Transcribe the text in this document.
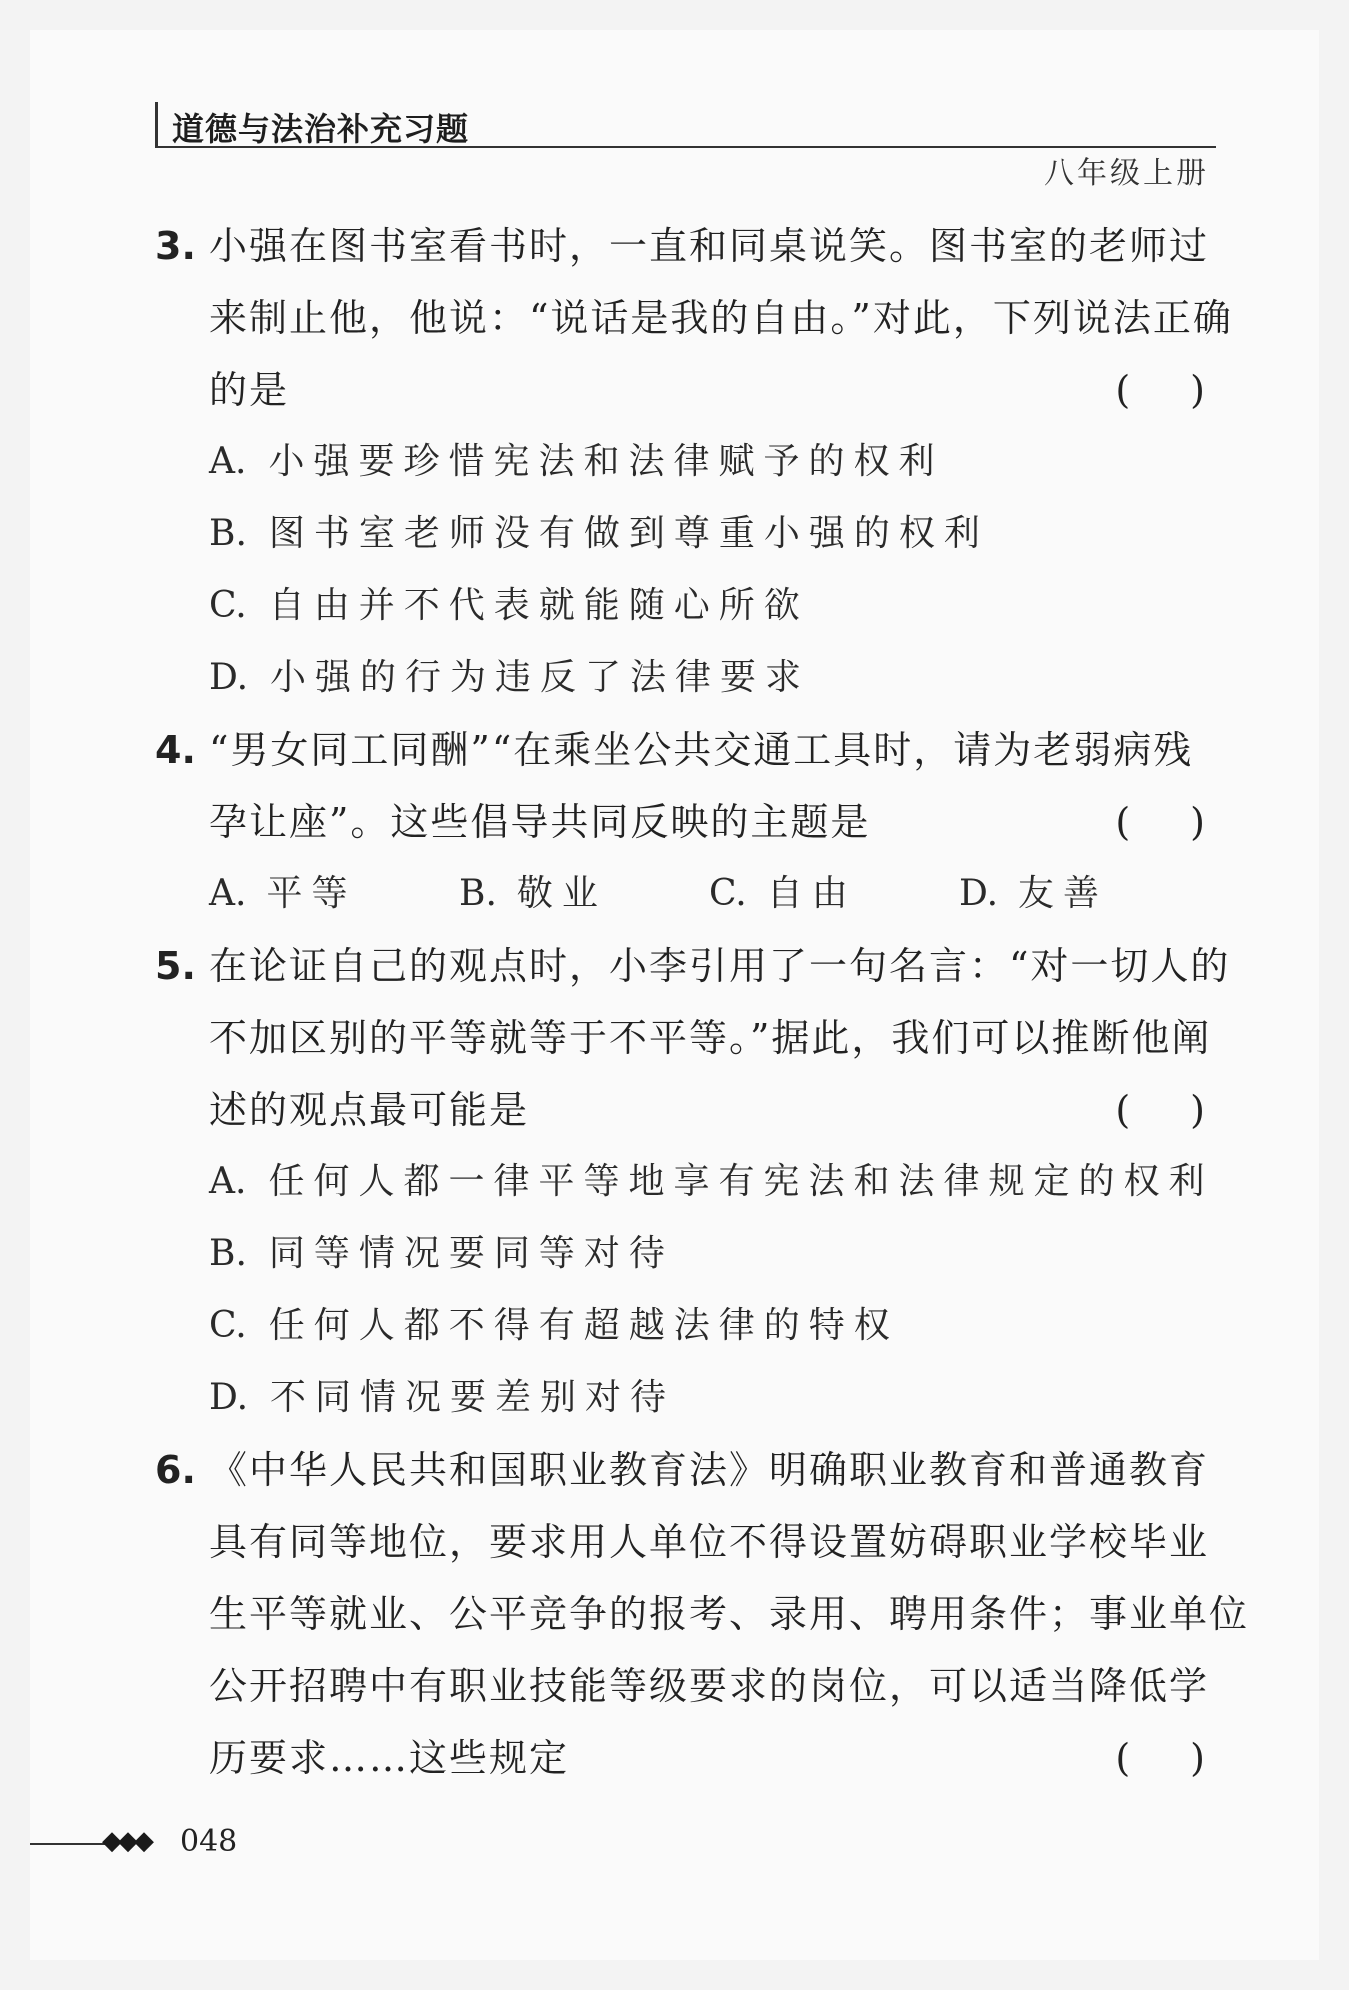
道德与法治补充习题
八年级上册
3. 小强在图书室看书时，一直和同桌说笑。图书室的老师过
来制止他，他说：“说话是我的自由。”对此，下列说法正确
的是	()
A. 小强要珍惜宪法和法律赋予的权利
B. 图书室老师没有做到尊重小强的权利
C. 自由并不代表就能随心所欲
D. 小强的行为违反了法律要求
4. “男女同工同酬”“在乘坐公共交通工具时，请为老弱病残
孕让座”。这些倡导共同反映的主题是	()
A. 平等	B. 敬业	C. 自由	D. 友善
5. 在论证自己的观点时，小李引用了一句名言：“对一切人的
不加区别的平等就等于不平等。”据此，我们可以推断他阐
述的观点最可能是	()
A. 任何人都一律平等地享有宪法和法律规定的权利
B. 同等情况要同等对待
C. 任何人都不得有超越法律的特权
D. 不同情况要差别对待
6. 《中华人民共和国职业教育法》明确职业教育和普通教育
具有同等地位，要求用人单位不得设置妨碍职业学校毕业
生平等就业、公平竞争的报考、录用、聘用条件；事业单位
公开招聘中有职业技能等级要求的岗位，可以适当降低学
历要求……这些规定	()
◆◆◆ 048
